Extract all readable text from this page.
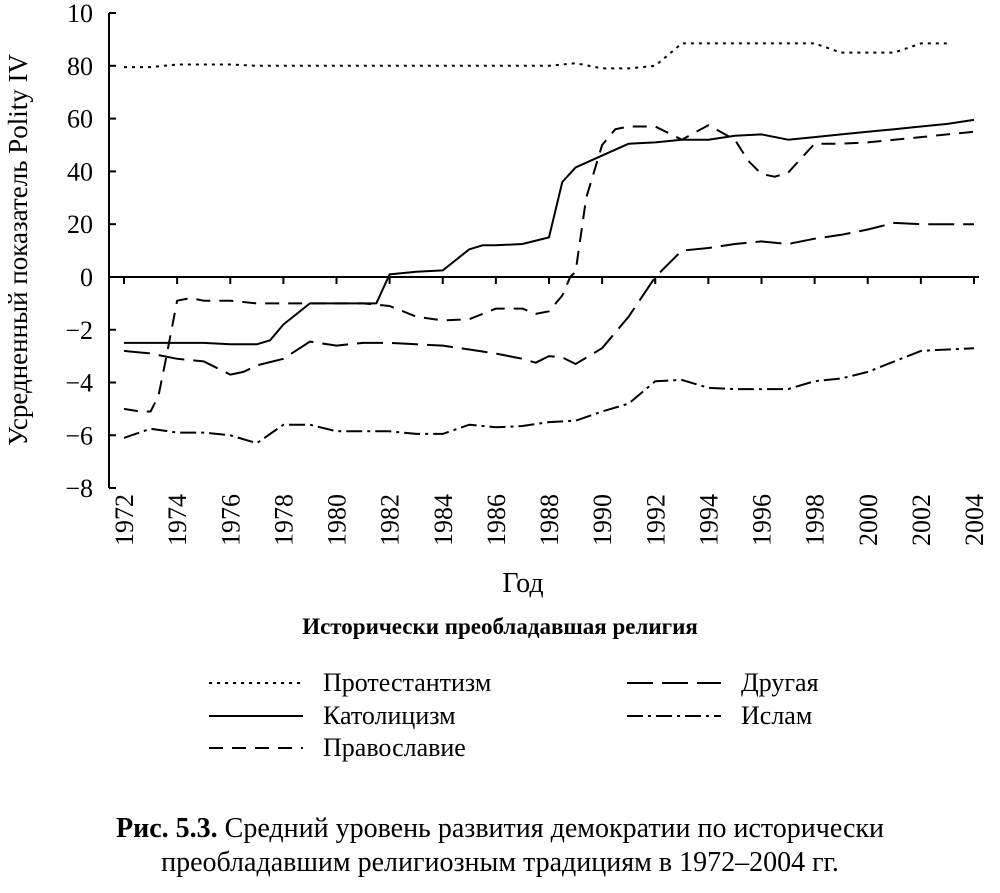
−8
−6
−4
−2
0
20
40
60
80
10
1972 1974 1976 1978 1980 1982 1984 1986 1988 1990 1992 1994 1996 1998 2000 2002 2004
Усредненный показатель Polity IV
Год
Исторически преобладавшая религия
Протестантизм
Католицизм
Православие
Другая
Ислам
Рис. 5.3. Средний уровень развития демократии по исторически
преобладавшим религиозным традициям в 1972–2004 гг.
